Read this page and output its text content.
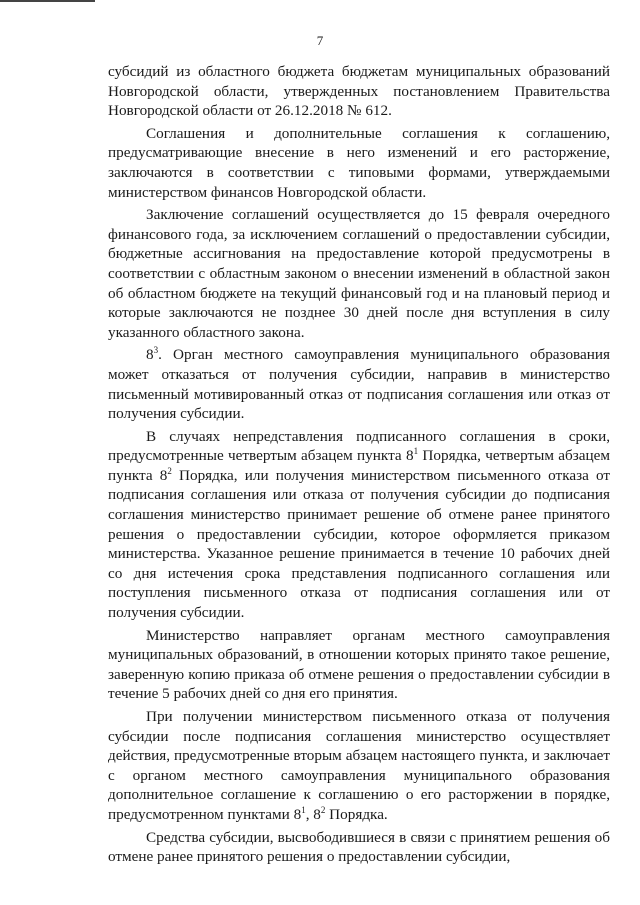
7

субсидий из областного бюджета бюджетам муниципальных образований Новгородской области, утвержденных постановлением Правительства Новгородской области от 26.12.2018 № 612.

Соглашения и дополнительные соглашения к соглашению, предусматривающие внесение в него изменений и его расторжение, заключаются в соответствии с типовыми формами, утверждаемыми министерством финансов Новгородской области.

Заключение соглашений осуществляется до 15 февраля очередного финансового года, за исключением соглашений о предоставлении субсидии, бюджетные ассигнования на предоставление которой предусмотрены в соответствии с областным законом о внесении изменений в областной закон об областном бюджете на текущий финансовый год и на плановый период и которые заключаются не позднее 30 дней после дня вступления в силу указанного областного закона.

$8^3$. Орган местного самоуправления муниципального образования может отказаться от получения субсидии, направив в министерство письменный мотивированный отказ от подписания соглашения или отказ от получения субсидии.

В случаях непредставления подписанного соглашения в сроки, предусмотренные четвертым абзацем пункта $8^1$ Порядка, четвертым абзацем пункта $8^2$ Порядка, или получения министерством письменного отказа от подписания соглашения или отказа от получения субсидии до подписания соглашения министерство принимает решение об отмене ранее принятого решения о предоставлении субсидии, которое оформляется приказом министерства. Указанное решение принимается в течение 10 рабочих дней со дня истечения срока представления подписанного соглашения или поступления письменного отказа от подписания соглашения или от получения субсидии.

Министерство направляет органам местного самоуправления муниципальных образований, в отношении которых принято такое решение, заверенную копию приказа об отмене решения о предоставлении субсидии в течение 5 рабочих дней со дня его принятия.

При получении министерством письменного отказа от получения субсидии после подписания соглашения министерство осуществляет действия, предусмотренные вторым абзацем настоящего пункта, и заключает с органом местного самоуправления муниципального образования дополнительное соглашение к соглашению о его расторжении в порядке, предусмотренном пунктами $8^1$, $8^2$ Порядка.

Средства субсидии, высвободившиеся в связи с принятием решения об отмене ранее принятого решения о предоставлении субсидии,
